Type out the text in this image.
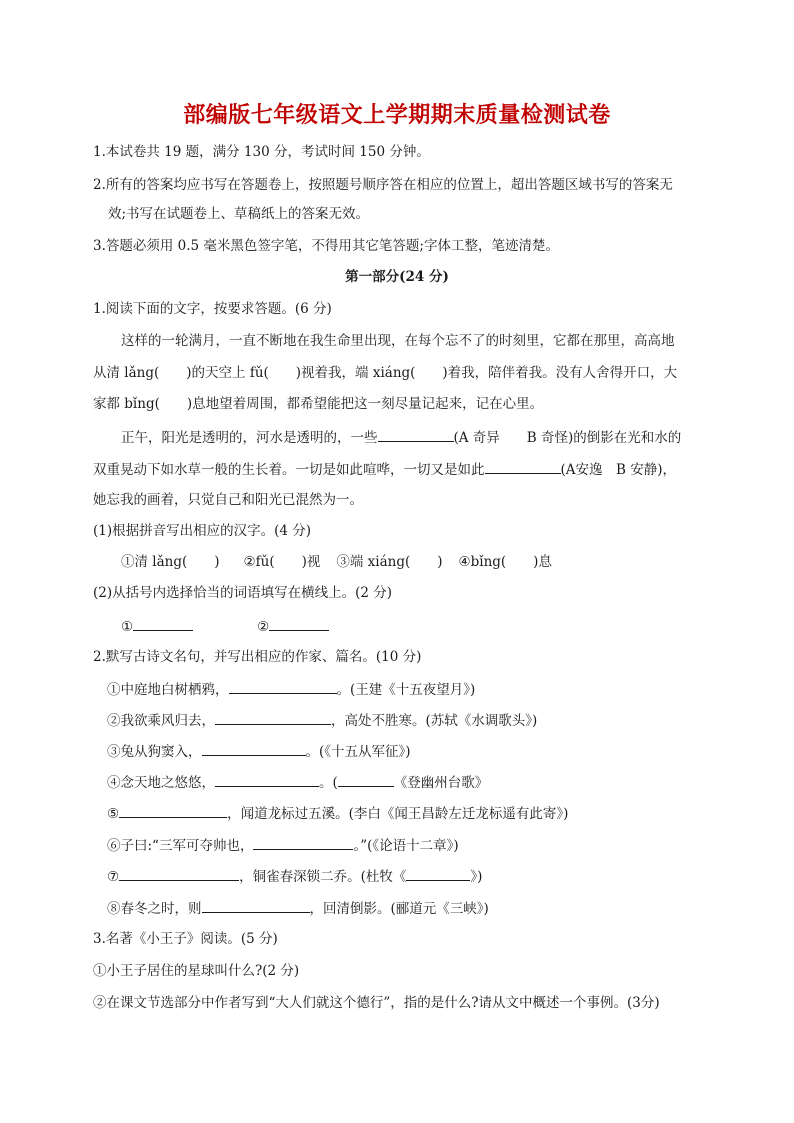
部编版七年级语文上学期期末质量检测试卷
1.本试卷共 19 题，满分 130 分，考试时间 150 分钟。
2.所有的答案均应书写在答题卷上，按照题号顺序答在相应的位置上，超出答题区域书写的答案无
效;书写在试题卷上、草稿纸上的答案无效。
3.答题必须用 0.5 毫米黑色签字笔，不得用其它笔答题;字体工整，笔迹清楚。
第一部分(24 分)
1.阅读下面的文字，按要求答题。(6 分)
这样的一轮满月，一直不断地在我生命里出现，在每个忘不了的时刻里，它都在那里，高高地
从清 lǎng(　　)的天空上 fǔ(　　)视着我，端 xiáng(　　)着我，陪伴着我。没有人舍得开口，大
家都 bǐng(　　)息地望着周围，都希望能把这一刻尽量记起来，记在心里。
正午，阳光是透明的，河水是透明的，一些	(A 奇异　　B 奇怪)的倒影在光和水的
双重晃动下如水草一般的生长着。一切是如此喧哗，一切又是如此	(A安逸　B 安静)，
她忘我的画着，只觉自己和阳光已混然为一。
(1)根据拼音写出相应的汉字。(4 分)
①清 lǎng(　　) ②fǔ(　　)视 ③端 xiáng(　　) ④bǐng(　　)息
(2)从括号内选择恰当的词语填写在横线上。(2 分)
①	②
2.默写古诗文名句，并写出相应的作家、篇名。(10 分)
①中庭地白树栖鸦，	。(王建《十五夜望月》)
②我欲乘风归去，	，高处不胜寒。(苏轼《水调歌头》)
③兔从狗窦入，	。(《十五从军征》)
④念天地之悠悠，	。(	《登幽州台歌》
⑤	，闻道龙标过五溪。(李白《闻王昌龄左迁龙标遥有此寄》)
⑥子曰:“三军可夺帅也，	。”(《论语十二章》)
⑦	，铜雀春深锁二乔。(杜牧《	》)
⑧春冬之时，则	，回清倒影。(郦道元《三峡》)
3.名著《小王子》阅读。(5 分)
①小王子居住的星球叫什么?(2 分)
②在课文节选部分中作者写到“大人们就这个德行”，指的是什么?请从文中概述一个事例。(3分)
